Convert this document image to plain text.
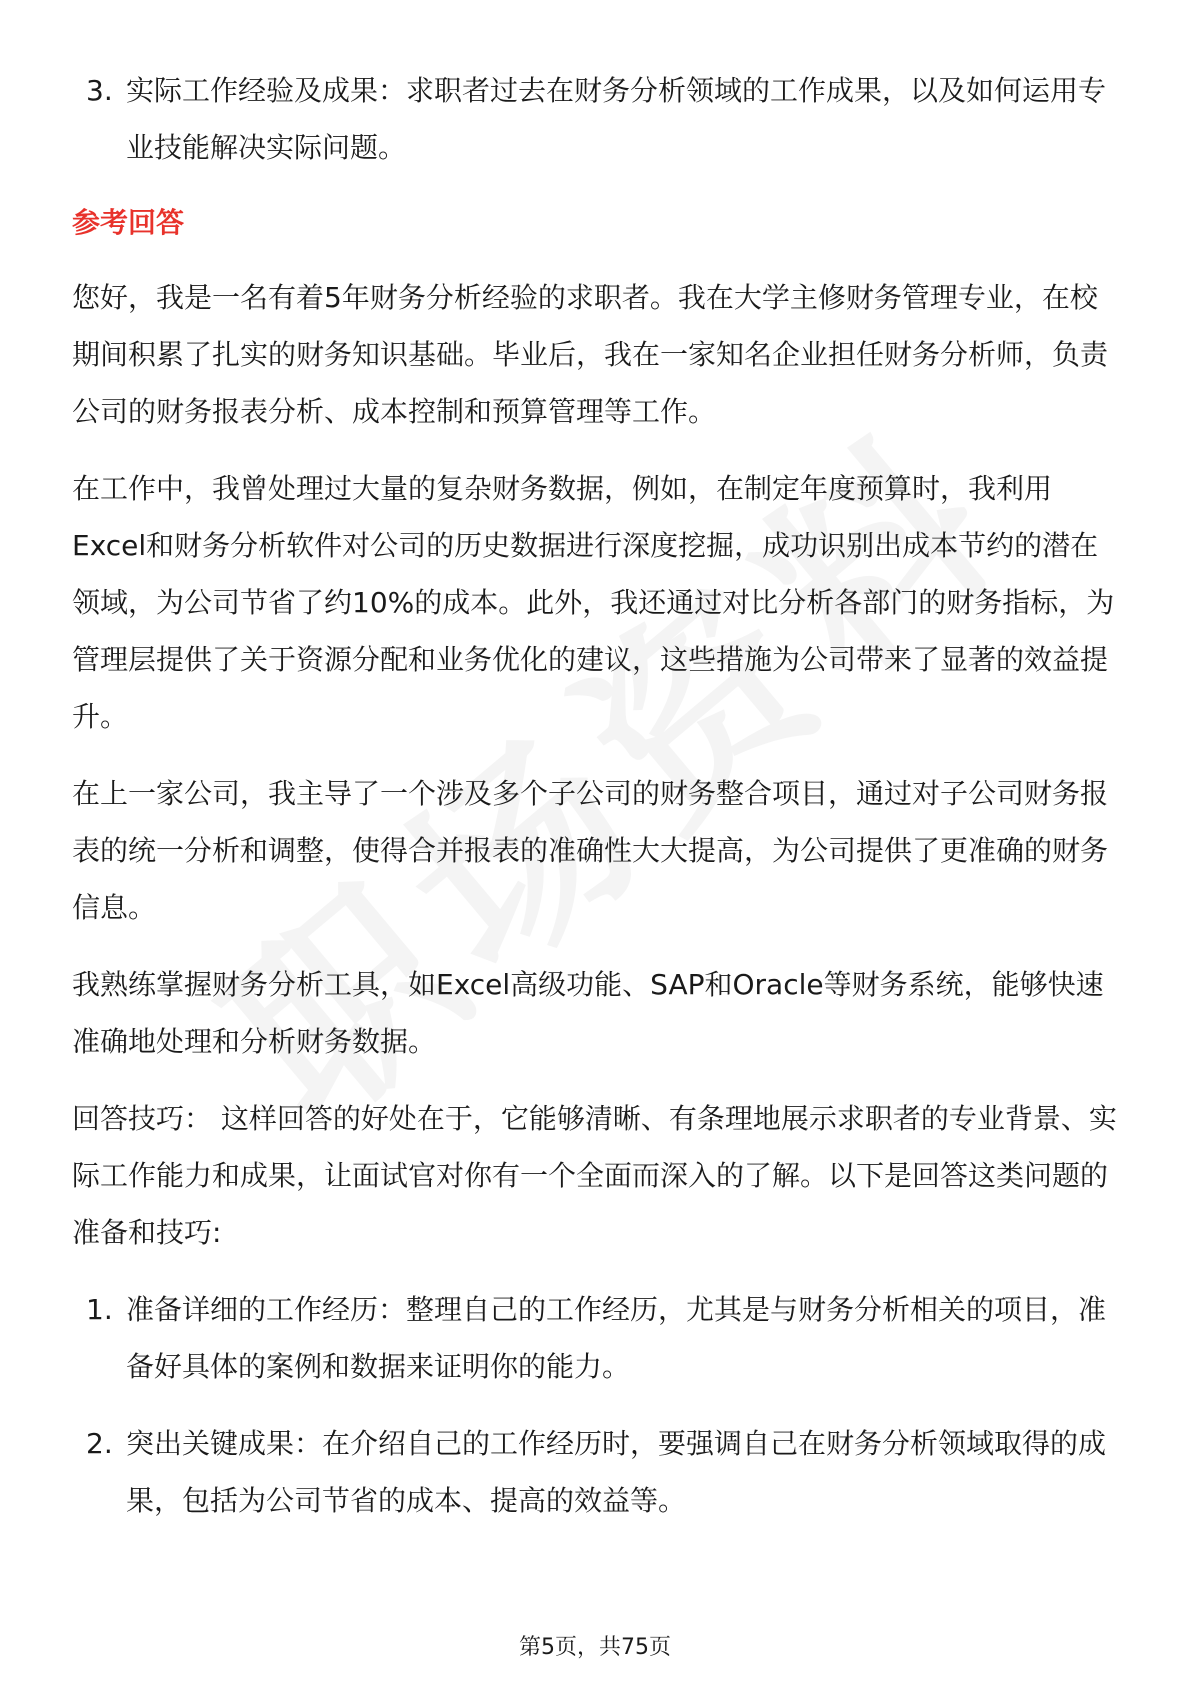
3. 实际工作经验及成果：求职者过去在财务分析领域的工作成果，以及如何运用专业技能解决实际问题。

参考回答

您好，我是一名有着5年财务分析经验的求职者。我在大学主修财务管理专业，在校期间积累了扎实的财务知识基础。毕业后，我在一家知名企业担任财务分析师，负责公司的财务报表分析、成本控制和预算管理等工作。

在工作中，我曾处理过大量的复杂财务数据，例如，在制定年度预算时，我利用Excel和财务分析软件对公司的历史数据进行深度挖掘，成功识别出成本节约的潜在领域，为公司节省了约10%的成本。此外，我还通过对比分析各部门的财务指标，为管理层提供了关于资源分配和业务优化的建议，这些措施为公司带来了显著的效益提升。

在上一家公司，我主导了一个涉及多个子公司的财务整合项目，通过对子公司财务报表的统一分析和调整，使得合并报表的准确性大大提高，为公司提供了更准确的财务信息。

我熟练掌握财务分析工具，如Excel高级功能、SAP和Oracle等财务系统，能够快速准确地处理和分析财务数据。

回答技巧： 这样回答的好处在于，它能够清晰、有条理地展示求职者的专业背景、实际工作能力和成果，让面试官对你有一个全面而深入的了解。以下是回答这类问题的准备和技巧:

1. 准备详细的工作经历：整理自己的工作经历，尤其是与财务分析相关的项目，准备好具体的案例和数据来证明你的能力。
2. 突出关键成果：在介绍自己的工作经历时，要强调自己在财务分析领域取得的成果，包括为公司节省的成本、提高的效益等。
第5页，共75页
